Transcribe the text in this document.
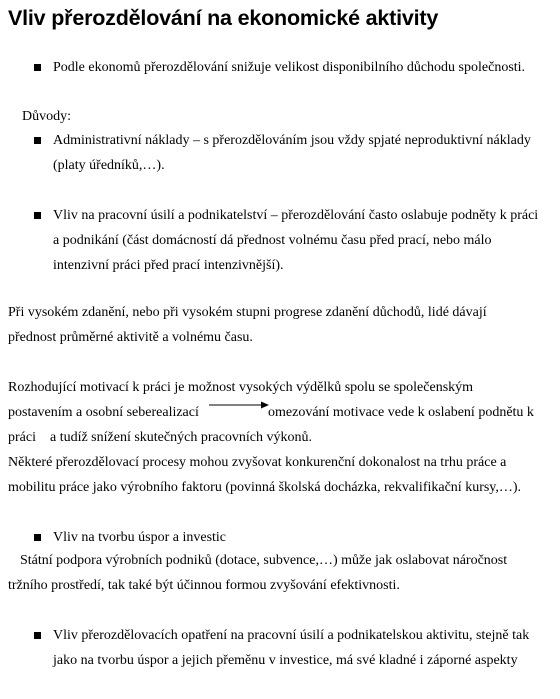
Vliv přerozdělování na ekonomické aktivity
Podle ekonomů přerozdělování snižuje velikost disponibilního důchodu společnosti.
Důvody:
Administrativní náklady – s přerozdělováním jsou vždy spjaté neproduktivní náklady
(platy úředníků,…).
Vliv na pracovní úsilí a podnikatelství – přerozdělování často oslabuje podněty k práci
a podnikání (část domácností dá přednost volnému času před prací, nebo málo
intenzivní práci před prací intenzivnější).
Při vysokém zdanění, nebo při vysokém stupni progrese zdanění důchodů, lidé dávají
přednost průměrné aktivitě a volnému času.
Rozhodující motivací k práci je možnost vysokých výdělků spolu se společenským
postavením a osobní seberealizací	omezování motivace vede k oslabení podnětu k
práci    a tudíž snížení skutečných pracovních výkonů.
Některé přerozdělovací procesy mohou zvyšovat konkurenční dokonalost na trhu práce a
mobilitu práce jako výrobního faktoru (povinná školská docházka, rekvalifikační kursy,…).
Vliv na tvorbu úspor a investic
Státní podpora výrobních podniků (dotace, subvence,…) může jak oslabovat náročnost
tržního prostředí, tak také být účinnou formou zvyšování efektivnosti.
Vliv přerozdělovacích opatření na pracovní úsilí a podnikatelskou aktivitu, stejně tak
jako na tvorbu úspor a jejich přeměnu v investice, má své kladné i záporné aspekty
